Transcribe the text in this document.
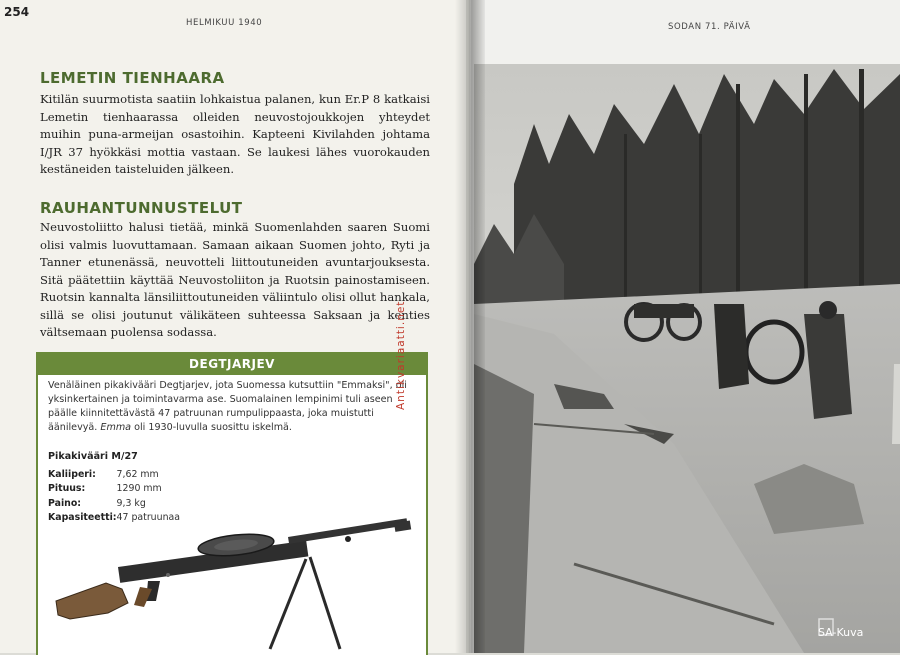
254
HELMIKUU 1940	SODAN 71. PÄIVÄ
LEMETIN TIENHAARA
Kitilän suurmotista saatiin lohkaistua palanen, kun Er.P 8 katkaisi Lemetin tienhaarassa olleiden neuvostojoukkojen yhteydet muihin puna-armeijan osastoihin. Kapteeni Kivilahden johtama I/JR 37 hyökkäsi mottia vastaan. Se laukesi lähes vuorokauden kestäneiden taisteluiden jälkeen.
RAUHANTUNNUSTELUT
Neuvostoliitto halusi tietää, minkä Suomenlahden saaren Suomi olisi valmis luovuttamaan. Samaan aikaan Suomen johto, Ryti ja Tanner etunenässä, neuvotteli liittoutuneiden avuntarjouksesta. Sitä päätettiin käyttää Neuvostoliiton ja Ruotsin painostamiseen. Ruotsin kannalta länsiliittoutuneiden väliintulo olisi ollut hankala, sillä se olisi joutunut välikäteen suhteessa Saksaan ja kenties vältsemaan puolensa sodassa.
DEGTJARJEV
Venäläinen pikakivääri Degtjarjev, jota Suomessa kutsuttiin "Emmaksi", oli yksinkertainen ja toimintavarma ase. Suomalainen lempinimi tuli aseen päälle kiinnitettävästä 47 patruunan rumpulippaasta, joka muistutti äänilevyä. Emma oli 1930-luvulla suosittu iskelmä.
Pikakivääri M/27
Kaliiperi:	7,62 mm
Pituus:	1290 mm
Paino:	9,3 kg
Kapasiteetti:	47 patruunaa
Antikvariaatti.net
SA-Kuva
